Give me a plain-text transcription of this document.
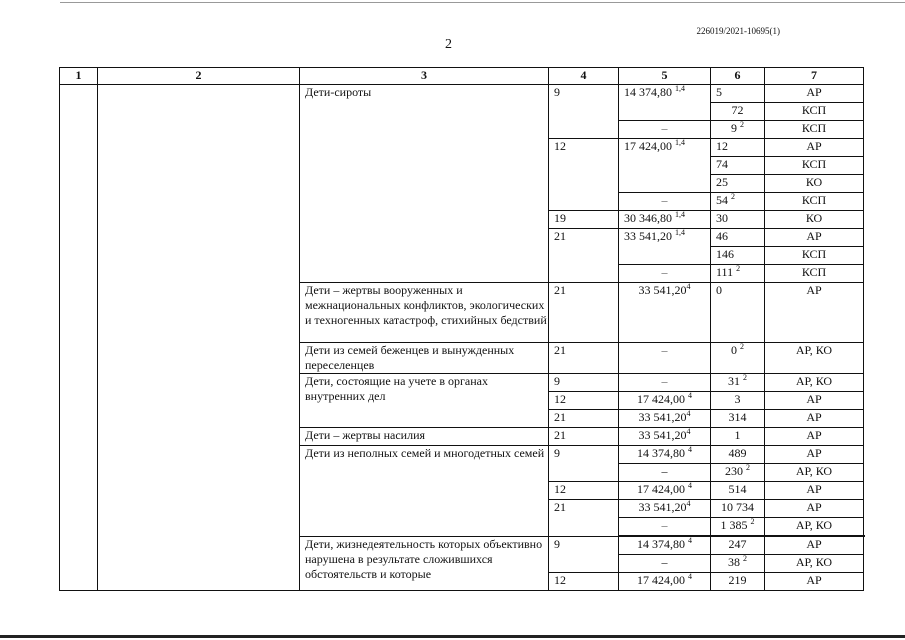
226019/2021-10695(1)
2
1	2	3	4	5	6	7	
		Дети-сироты	9	14 374,80 $^{1,4}$	5	АР	
					72	КСП	
				–	9 $^2$	КСП	
			12	17 424,00 $^{1,4}$	12	АР	
					74	КСП	
					25	КО	
				–	54 $^2$	КСП	
			19	30 346,80 $^{1,4}$	30	КО	
			21	33 541,20 $^{1,4}$	46	АР	
					146	КСП	
				–	111 $^2$	КСП	
		Дети – жертвы вооруженных и межнациональных конфликтов, экологических и техногенных катастроф, стихийных бедствий	21	33 541,20$^4$	0	АР	
		Дети из семей беженцев и вынужденных переселенцев	21	–	0 $^2$	АР, КО	
		Дети, состоящие на учете в органах внутренних дел	9	–	31 $^2$	АР, КО	
			12	17 424,00 $^4$	3	АР	
			21	33 541,20$^4$	314	АР	
		Дети – жертвы насилия	21	33 541,20$^4$	1	АР	
		Дети из неполных семей и многодетных семей	9	14 374,80 $^4$	489	АР	
				–	230 $^2$	АР, КО	
			12	17 424,00 $^4$	514	АР	
			21	33 541,20$^4$	10 734	АР	
				–	1 385 $^2$	АР, КО	

		Дети, жизнедеятельность которых объективно нарушена в результате сложившихся обстоятельств и которые	9	14 374,80 $^4$	247	АР	
				–	38 $^2$	АР, КО	
			12	17 424,00 $^4$	219	АР	
